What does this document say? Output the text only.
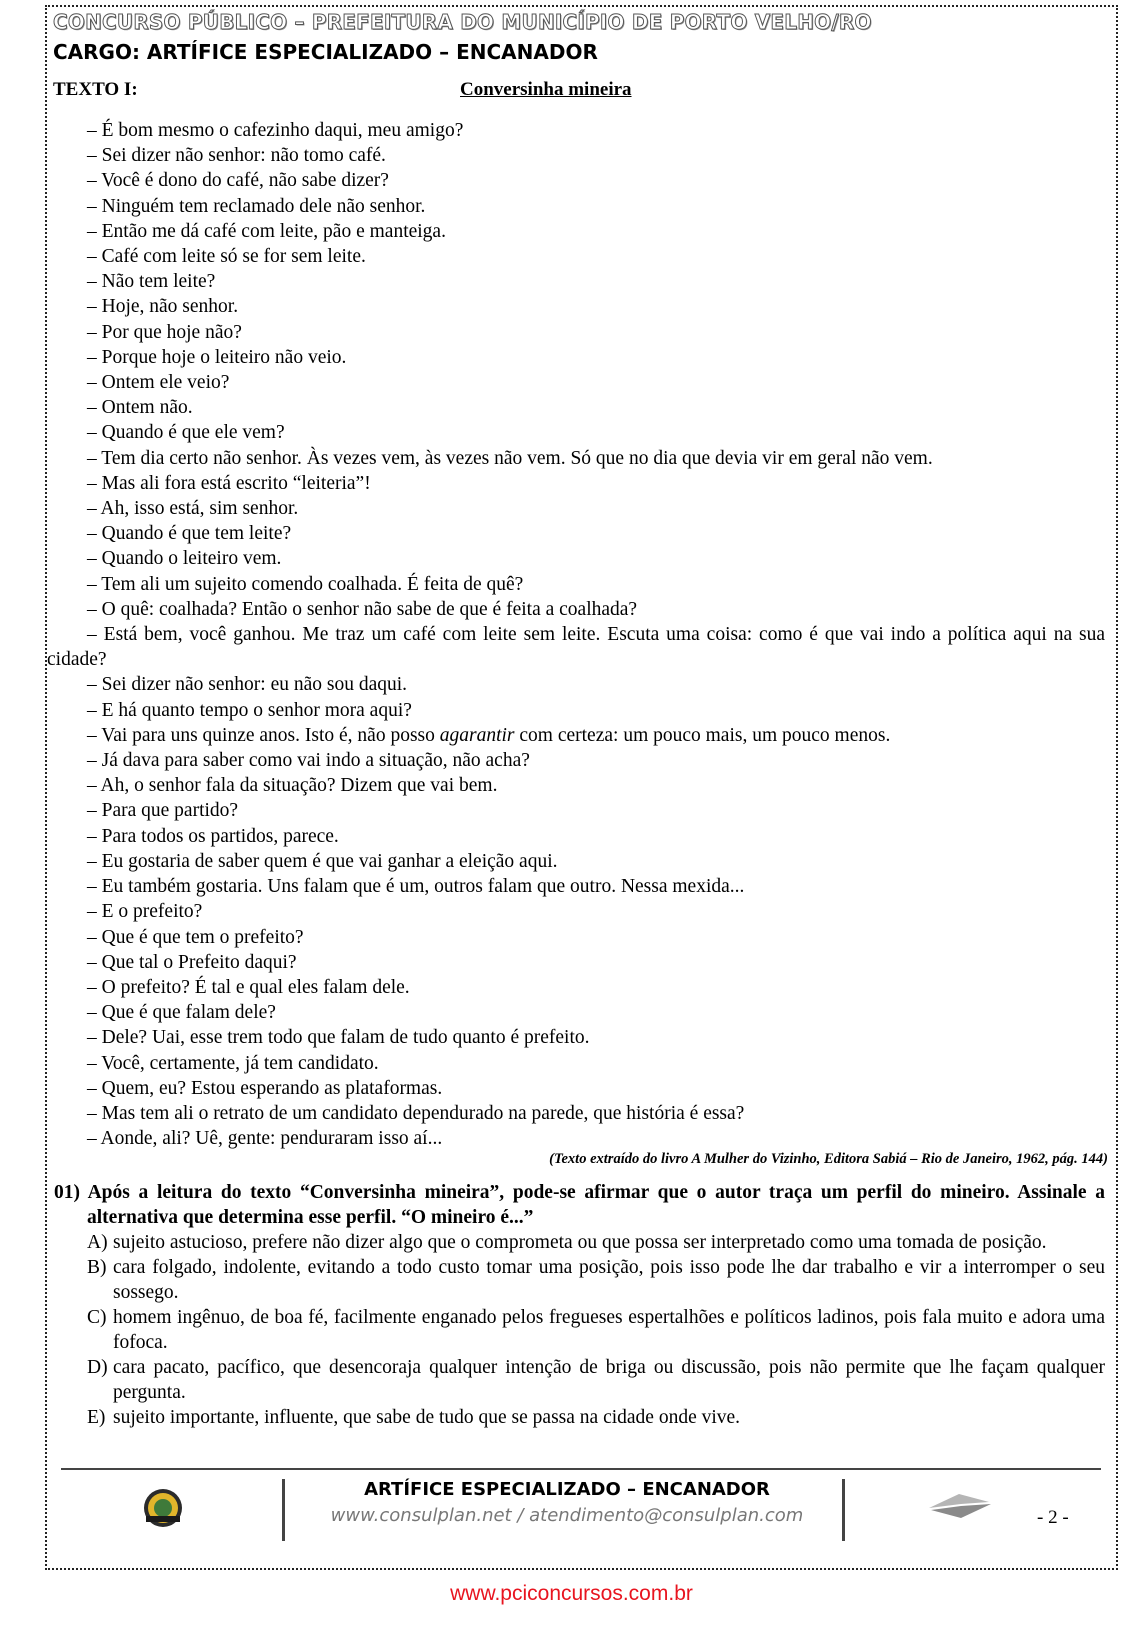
CONCURSO PÚBLICO – PREFEITURA DO MUNICÍPIO DE PORTO VELHO/RO
CARGO: ARTÍFICE ESPECIALIZADO – ENCANADOR
TEXTO I:	Conversinha mineira
– É bom mesmo o cafezinho daqui, meu amigo?
– Sei dizer não senhor: não tomo café.
– Você é dono do café, não sabe dizer?
– Ninguém tem reclamado dele não senhor.
– Então me dá café com leite, pão e manteiga.
– Café com leite só se for sem leite.
– Não tem leite?
– Hoje, não senhor.
– Por que hoje não?
– Porque hoje o leiteiro não veio.
– Ontem ele veio?
– Ontem não.
– Quando é que ele vem?
– Tem dia certo não senhor. Às vezes vem, às vezes não vem. Só que no dia que devia vir em geral não vem.
– Mas ali fora está escrito “leiteria”!
– Ah, isso está, sim senhor.
– Quando é que tem leite?
– Quando o leiteiro vem.
– Tem ali um sujeito comendo coalhada. É feita de quê?
– O quê: coalhada? Então o senhor não sabe de que é feita a coalhada?
– Está bem, você ganhou. Me traz um café com leite sem leite. Escuta uma coisa: como é que vai indo a política aqui na sua cidade?
– Sei dizer não senhor: eu não sou daqui.
– E há quanto tempo o senhor mora aqui?
– Vai para uns quinze anos. Isto é, não posso agarantir com certeza: um pouco mais, um pouco menos.
– Já dava para saber como vai indo a situação, não acha?
– Ah, o senhor fala da situação? Dizem que vai bem.
– Para que partido?
– Para todos os partidos, parece.
– Eu gostaria de saber quem é que vai ganhar a eleição aqui.
– Eu também gostaria. Uns falam que é um, outros falam que outro. Nessa mexida...
– E o prefeito?
– Que é que tem o prefeito?
– Que tal o Prefeito daqui?
– O prefeito? É tal e qual eles falam dele.
– Que é que falam dele?
– Dele? Uai, esse trem todo que falam de tudo quanto é prefeito.
– Você, certamente, já tem candidato.
– Quem, eu? Estou esperando as plataformas.
– Mas tem ali o retrato de um candidato dependurado na parede, que história é essa?
– Aonde, ali? Uê, gente: penduraram isso aí...
(Texto extraído do livro A Mulher do Vizinho, Editora Sabiá – Rio de Janeiro, 1962, pág. 144)
01) Após a leitura do texto “Conversinha mineira”, pode-se afirmar que o autor traça um perfil do mineiro. Assinale a alternativa que determina esse perfil. “O mineiro é...”
A) sujeito astucioso, prefere não dizer algo que o comprometa ou que possa ser interpretado como uma tomada de posição.
B) cara folgado, indolente, evitando a todo custo tomar uma posição, pois isso pode lhe dar trabalho e vir a interromper o seu sossego.
C) homem ingênuo, de boa fé, facilmente enganado pelos fregueses espertalhões e políticos ladinos, pois fala muito e adora uma fofoca.
D) cara pacato, pacífico, que desencoraja qualquer intenção de briga ou discussão, pois não permite que lhe façam qualquer pergunta.
E) sujeito importante, influente, que sabe de tudo que se passa na cidade onde vive.
ARTÍFICE ESPECIALIZADO – ENCANADOR
www.consulplan.net / atendimento@consulplan.com	- 2 -
www.pciconcursos.com.br
